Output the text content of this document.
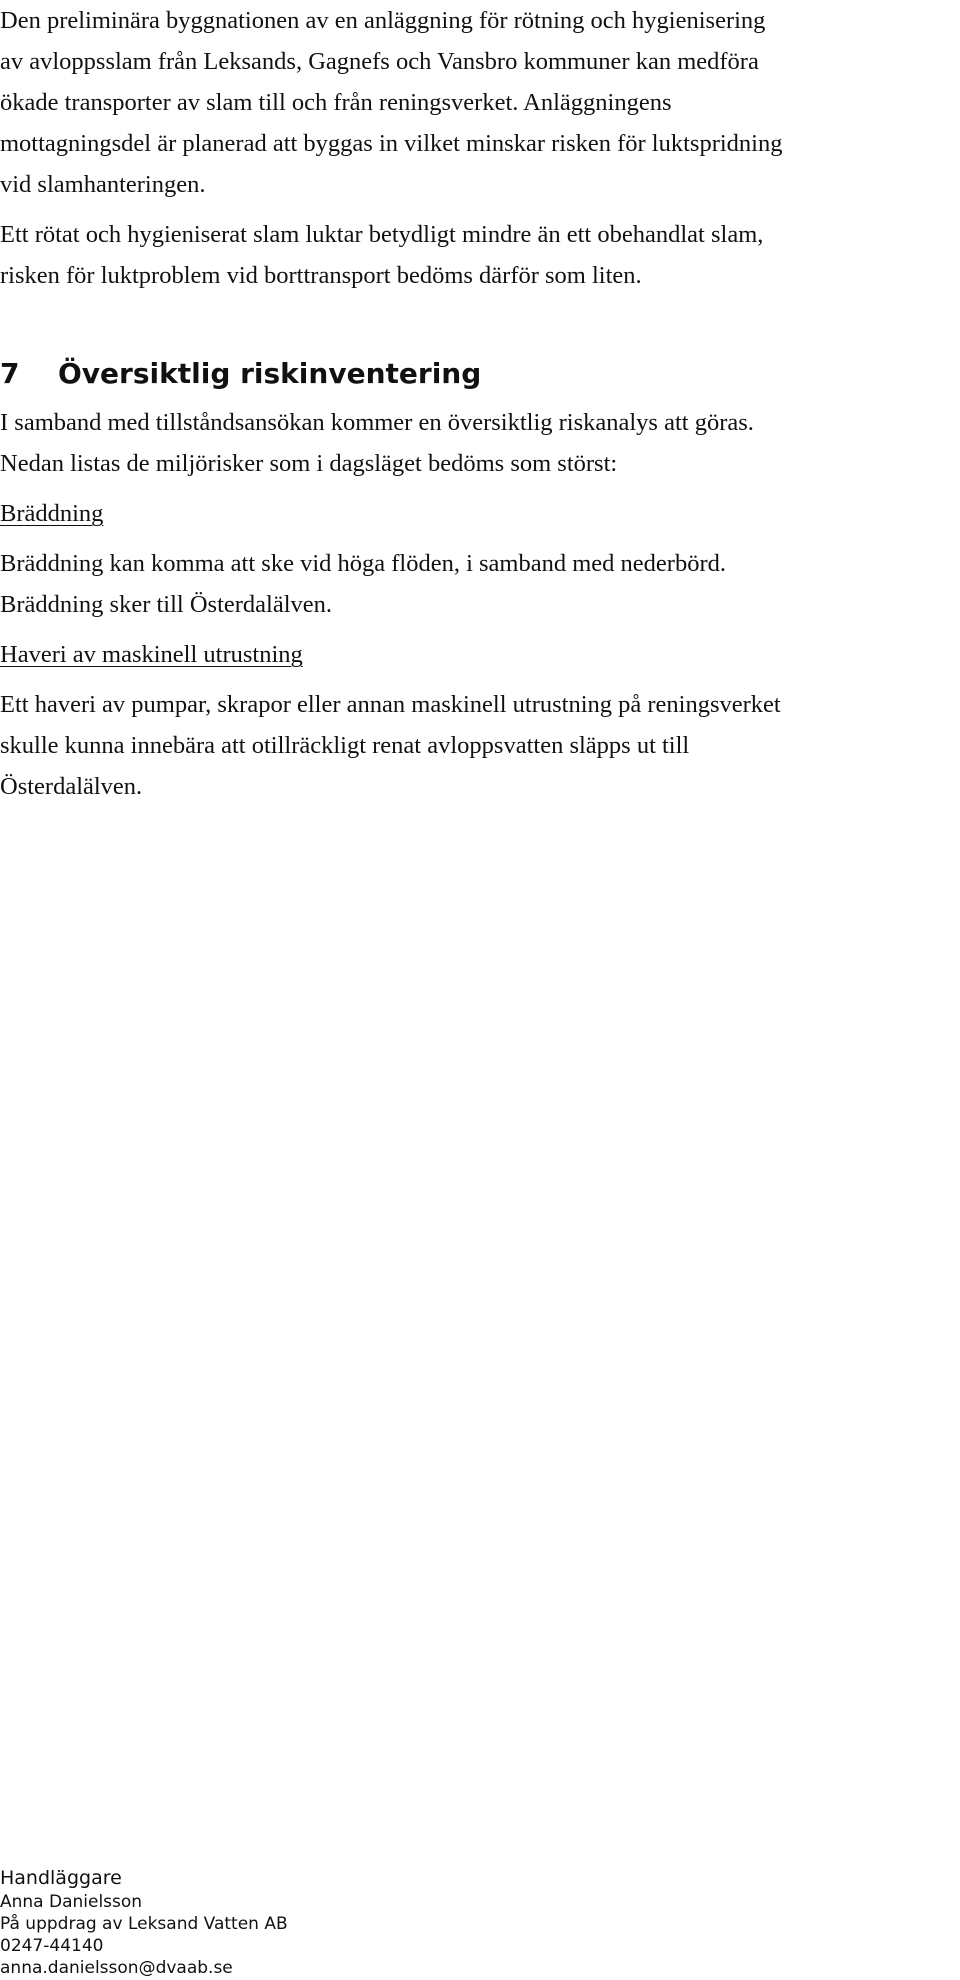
Den preliminära byggnationen av en anläggning för rötning och hygienisering
av avloppsslam från Leksands, Gagnefs och Vansbro kommuner kan medföra
ökade transporter av slam till och från reningsverket. Anläggningens
mottagningsdel är planerad att byggas in vilket minskar risken för luktspridning
vid slamhanteringen.

Ett rötat och hygieniserat slam luktar betydligt mindre än ett obehandlat slam,
risken för luktproblem vid borttransport bedöms därför som liten.

7	Översiktlig riskinventering

I samband med tillståndsansökan kommer en översiktlig riskanalys att göras.
Nedan listas de miljörisker som i dagsläget bedöms som störst:

Bräddning

Bräddning kan komma att ske vid höga flöden, i samband med nederbörd.
Bräddning sker till Österdalälven.

Haveri av maskinell utrustning

Ett haveri av pumpar, skrapor eller annan maskinell utrustning på reningsverket
skulle kunna innebära att otillräckligt renat avloppsvatten släpps ut till
Österdalälven.

Handläggare
Anna Danielsson
På uppdrag av Leksand Vatten AB
0247-44140
anna.danielsson@dvaab.se
